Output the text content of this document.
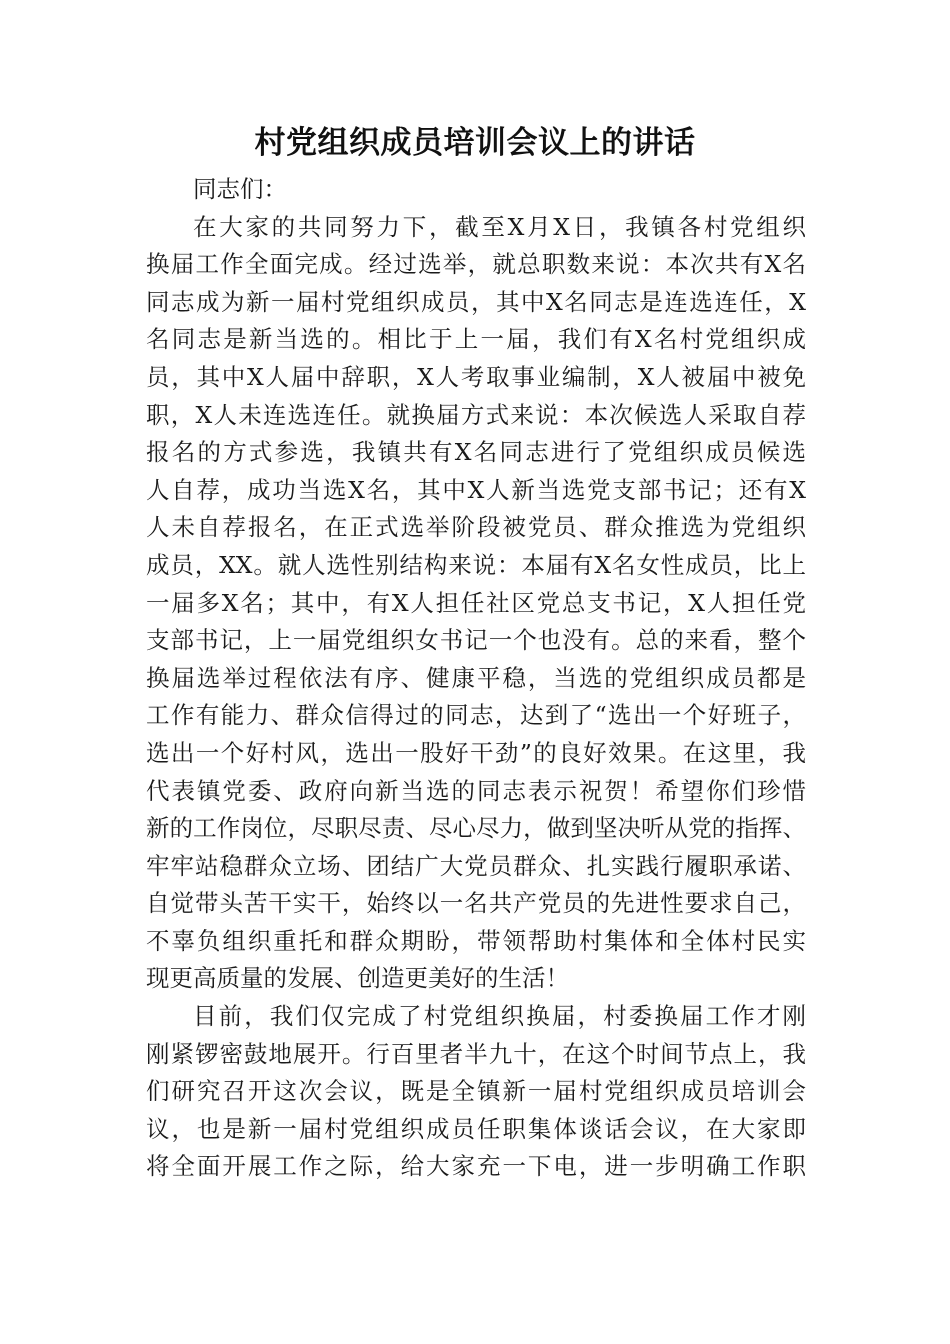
村党组织成员培训会议上的讲话
同志们：
在大家的共同努力下，截至X月X日，我镇各村党组织
换届工作全面完成。经过选举，就总职数来说：本次共有X名
同志成为新一届村党组织成员，其中X名同志是连选连任，X
名同志是新当选的。相比于上一届，我们有X名村党组织成
员，其中X人届中辞职，X人考取事业编制，X人被届中被免
职，X人未连选连任。就换届方式来说：本次候选人采取自荐
报名的方式参选，我镇共有X名同志进行了党组织成员候选
人自荐，成功当选X名，其中X人新当选党支部书记；还有X
人未自荐报名，在正式选举阶段被党员、群众推选为党组织
成员，XX。就人选性别结构来说：本届有X名女性成员，比上
一届多X名；其中，有X人担任社区党总支书记，X人担任党
支部书记，上一届党组织女书记一个也没有。总的来看，整个
换届选举过程依法有序、健康平稳，当选的党组织成员都是
工作有能力、群众信得过的同志，达到了“选出一个好班子，
选出一个好村风，选出一股好干劲”的良好效果。在这里，我
代表镇党委、政府向新当选的同志表示祝贺！希望你们珍惜
新的工作岗位，尽职尽责、尽心尽力，做到坚决听从党的指挥、
牢牢站稳群众立场、团结广大党员群众、扎实践行履职承诺、
自觉带头苦干实干，始终以一名共产党员的先进性要求自己，
不辜负组织重托和群众期盼，带领帮助村集体和全体村民实
现更高质量的发展、创造更美好的生活！
目前，我们仅完成了村党组织换届，村委换届工作才刚
刚紧锣密鼓地展开。行百里者半九十，在这个时间节点上，我
们研究召开这次会议，既是全镇新一届村党组织成员培训会
议，也是新一届村党组织成员任职集体谈话会议，在大家即
将全面开展工作之际，给大家充一下电，进一步明确工作职
